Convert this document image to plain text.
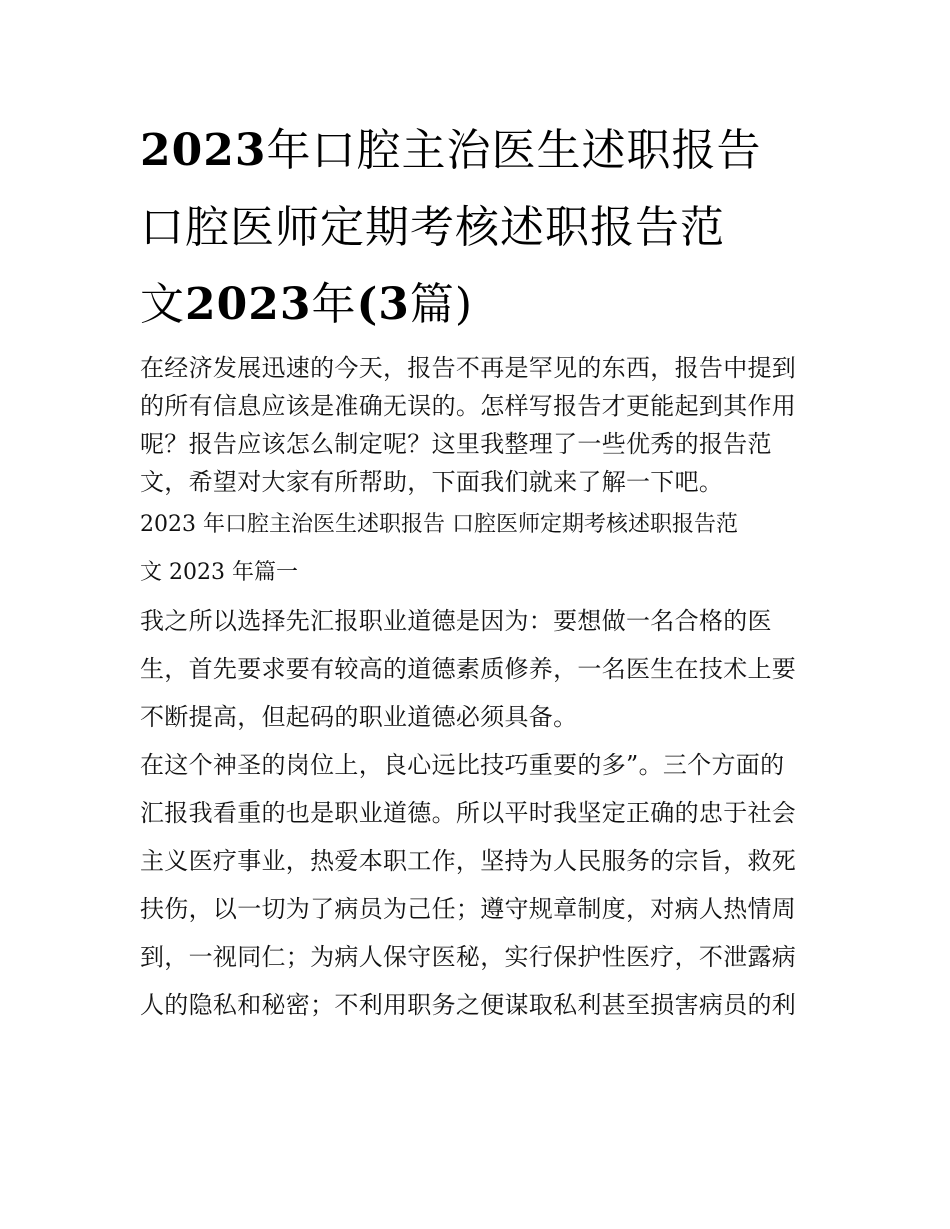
2023年口腔主治医生述职报告
口腔医师定期考核述职报告范
文2023年(3篇)

在经济发展迅速的今天，报告不再是罕见的东西，报告中提到
的所有信息应该是准确无误的。怎样写报告才更能起到其作用
呢？报告应该怎么制定呢？这里我整理了一些优秀的报告范
文，希望对大家有所帮助，下面我们就来了解一下吧。

2023 年口腔主治医生述职报告 口腔医师定期考核述职报告范
文 2023 年篇一

我之所以选择先汇报职业道德是因为：要想做一名合格的医
生，首先要求要有较高的道德素质修养，一名医生在技术上要
不断提高，但起码的职业道德必须具备。

在这个神圣的岗位上，良心远比技巧重要的多”。三个方面的
汇报我看重的也是职业道德。所以平时我坚定正确的忠于社会
主义医疗事业，热爱本职工作，坚持为人民服务的宗旨，救死
扶伤，以一切为了病员为己任；遵守规章制度，对病人热情周
到，一视同仁；为病人保守医秘，实行保护性医疗，不泄露病
人的隐私和秘密；不利用职务之便谋取私利甚至损害病员的利
